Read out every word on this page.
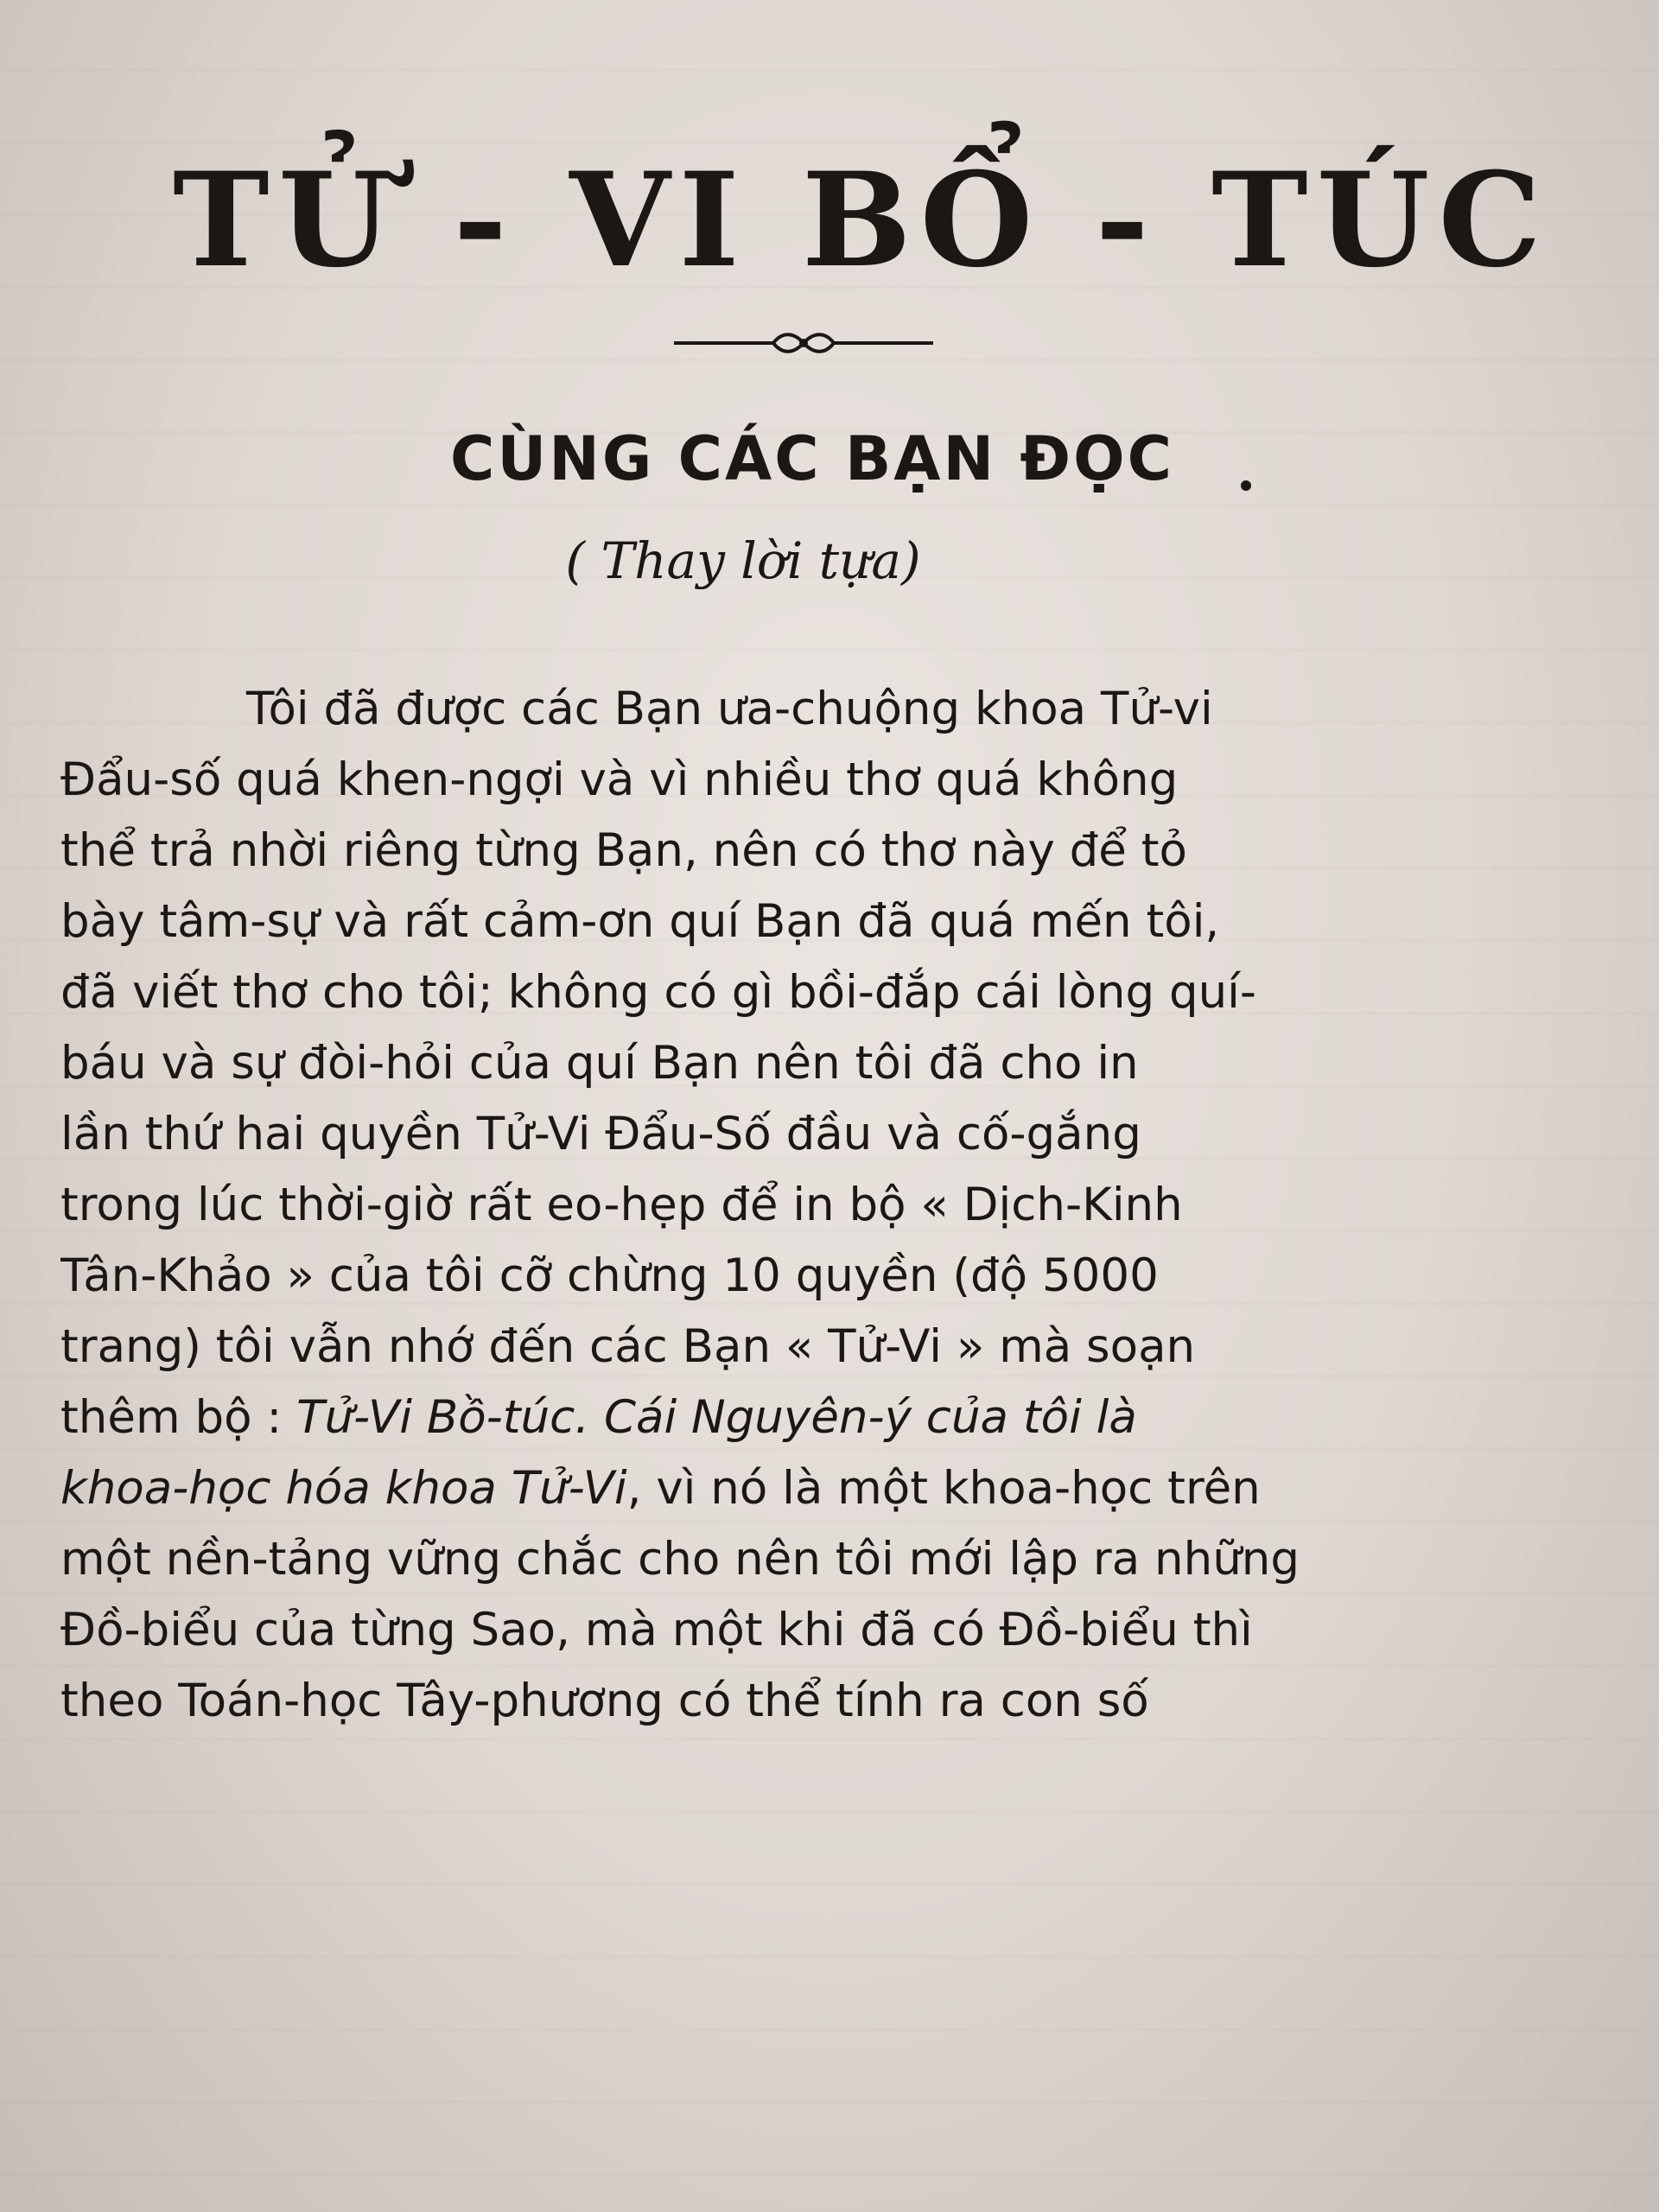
TỬ - VI BỔ - TÚC
CÙNG CÁC BẠN ĐỌC
( Thay lời tựa)
Tôi đã được các Bạn ưa-chuộng khoa Tử-vi
Đẩu-số quá khen-ngợi và vì nhiều thơ quá không
thể trả nhời riêng từng Bạn, nên có thơ này để tỏ
bày tâm-sự và rất cảm-ơn quí Bạn đã quá mến tôi,
đã viết thơ cho tôi; không có gì bồi-đắp cái lòng quí-
báu và sự đòi-hỏi của quí Bạn nên tôi đã cho in
lần thứ hai quyền Tử-Vi Đẩu-Số đầu và cố-gắng
trong lúc thời-giờ rất eo-hẹp để in bộ « Dịch-Kinh
Tân-Khảo » của tôi cỡ chừng 10 quyền (độ 5000
trang) tôi vẫn nhớ đến các Bạn « Tử-Vi » mà soạn
thêm bộ : Tử-Vi Bồ-túc. Cái Nguyên-ý của tôi là
khoa-học hóa khoa Tử-Vi, vì nó là một khoa-học trên
một nền-tảng vững chắc cho nên tôi mới lập ra những
Đồ-biểu của từng Sao, mà một khi đã có Đồ-biểu thì
theo Toán-học Tây-phương có thể tính ra con số
